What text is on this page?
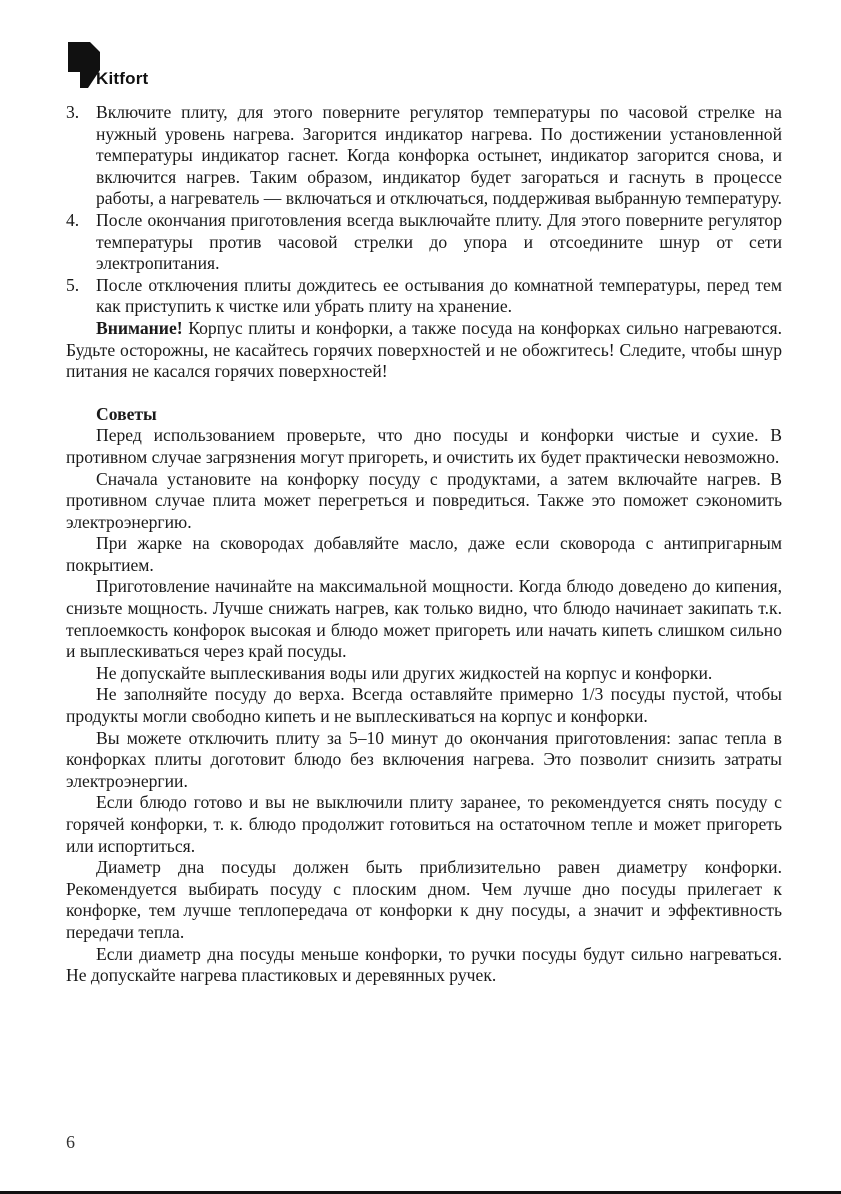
Kitfort
3. Включите плиту, для этого поверните регулятор температуры по часовой стрелке на нужный уровень нагрева. Загорится индикатор нагрева. По достижении установленной температуры индикатор гаснет. Когда конфорка остынет, индикатор загорится снова, и включится нагрев. Таким образом, индикатор будет загораться и гаснуть в процессе работы, а нагреватель — включаться и отключаться, поддерживая выбранную температуру.
4. После окончания приготовления всегда выключайте плиту. Для этого поверните регулятор температуры против часовой стрелки до упора и отсоедините шнур от сети электропитания.
5. После отключения плиты дождитесь ее остывания до комнатной температуры, перед тем как приступить к чистке или убрать плиту на хранение.

Внимание! Корпус плиты и конфорки, а также посуда на конфорках сильно нагреваются. Будьте осторожны, не касайтесь горячих поверхностей и не обожгитесь! Следите, чтобы шнур питания не касался горячих поверхностей!

Советы

Перед использованием проверьте, что дно посуды и конфорки чистые и сухие. В противном случае загрязнения могут пригореть, и очистить их будет практически невозможно.

Сначала установите на конфорку посуду с продуктами, а затем включайте нагрев. В противном случае плита может перегреться и повредиться. Также это поможет сэкономить электроэнергию.

При жарке на сковородах добавляйте масло, даже если сковорода с антипригарным покрытием.

Приготовление начинайте на максимальной мощности. Когда блюдо доведено до кипения, снизьте мощность. Лучше снижать нагрев, как только видно, что блюдо начинает закипать т.к. теплоемкость конфорок высокая и блюдо может пригореть или начать кипеть слишком сильно и выплескиваться через край посуды.

Не допускайте выплескивания воды или других жидкостей на корпус и конфорки.

Не заполняйте посуду до верха. Всегда оставляйте примерно 1/3 посуды пустой, чтобы продукты могли свободно кипеть и не выплескиваться на корпус и конфорки.

Вы можете отключить плиту за 5–10 минут до окончания приготовления: запас тепла в конфорках плиты доготовит блюдо без включения нагрева. Это позволит снизить затраты электроэнергии.

Если блюдо готово и вы не выключили плиту заранее, то рекомендуется снять посуду с горячей конфорки, т. к. блюдо продолжит готовиться на остаточном тепле и может пригореть или испортиться.

Диаметр дна посуды должен быть приблизительно равен диаметру конфорки. Рекомендуется выбирать посуду с плоским дном. Чем лучше дно посуды прилегает к конфорке, тем лучше теплопередача от конфорки к дну посуды, а значит и эффективность передачи тепла.

Если диаметр дна посуды меньше конфорки, то ручки посуды будут сильно нагреваться. Не допускайте нагрева пластиковых и деревянных ручек.

6
